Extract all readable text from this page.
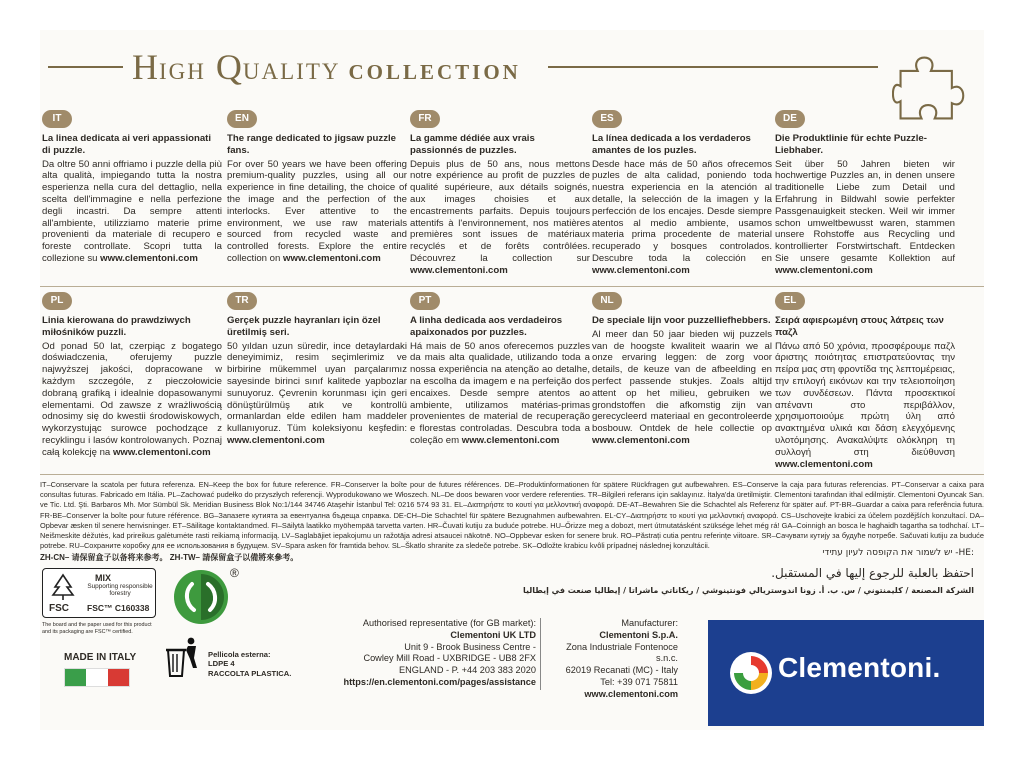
HIGH QUALITY COLLECTION
IT
La linea dedicata ai veri appassionati di puzzle.
Da oltre 50 anni offriamo i puzzle della più alta qualità, impiegando tutta la nostra esperienza nella cura del dettaglio, nella scelta dell'immagine e nella perfezione degli incastri. Da sempre attenti all'ambiente, utilizziamo materie prime provenienti da materiale di recupero e foreste controllate. Scopri tutta la collezione su www.clementoni.com
EN
The range dedicated to jigsaw puzzle fans.
For over 50 years we have been offering premium-quality puzzles, using all our experience in fine detailing, the choice of the image and the perfection of the interlocks. Ever attentive to the environment, we use raw materials sourced from recycled waste and controlled forests. Explore the entire collection on www.clementoni.com
FR
La gamme dédiée aux vrais passionnés de puzzles.
Depuis plus de 50 ans, nous mettons notre expérience au profit de puzzles de qualité supérieure, aux détails soignés, aux images choisies et aux encastrements parfaits. Depuis toujours attentifs à l'environnement, nos matières premières sont issues de matériaux recyclés et de forêts contrôlées. Découvrez la collection sur www.clementoni.com
ES
La línea dedicada a los verdaderos amantes de los puzles.
Desde hace más de 50 años ofrecemos puzles de alta calidad, poniendo toda nuestra experiencia en la atención al detalle, la selección de la imagen y la perfección de los encajes. Desde siempre atentos al medio ambiente, usamos materia prima procedente de material recuperado y bosques controlados. Descubre toda la colección en www.clementoni.com
DE
Die Produktlinie für echte Puzzle-Liebhaber.
Seit über 50 Jahren bieten wir hochwertige Puzzles an, in denen unsere traditionelle Liebe zum Detail und Erfahrung in Bildwahl sowie perfekter Passgenauigkeit stecken. Weil wir immer schon umweltbewusst waren, stammen unsere Rohstoffe aus Recycling und kontrollierter Forstwirtschaft. Entdecken Sie unsere gesamte Kollektion auf www.clementoni.com
PL
Linia kierowana do prawdziwych miłośników puzzli.
Od ponad 50 lat, czerpiąc z bogatego doświadczenia, oferujemy puzzle najwyższej jakości, dopracowane w każdym szczególe, z pieczołowicie dobraną grafiką i idealnie dopasowanymi elementami. Od zawsze z wrażliwością odnosimy się do kwestii środowiskowych, wykorzystując surowce pochodzące z recyklingu i lasów kontrolowanych. Poznaj całą kolekcję na www.clementoni.com
TR
Gerçek puzzle hayranları için özel üretilmiş seri.
50 yıldan uzun süredir, ince detaylardaki deneyimimiz, resim seçimlerimiz ve birbirine mükemmel uyan parçalarımız sayesinde birinci sınıf kalitede yapbozlar sunuyoruz. Çevrenin korunması için geri dönüştürülmüş atık ve kontrollü ormanlardan elde edilen ham maddeler kullanıyoruz. Tüm koleksiyonu keşfedin: www.clementoni.com
PT
A linha dedicada aos verdadeiros apaixonados por puzzles.
Há mais de 50 anos oferecemos puzzles da mais alta qualidade, utilizando toda a nossa experiência na atenção ao detalhe, na escolha da imagem e na perfeição dos encaixes. Desde sempre atentos ao ambiente, utilizamos matérias-primas provenientes de material de recuperação e florestas controladas. Descubra toda a coleção em www.clementoni.com
NL
De speciale lijn voor puzzelliefhebbers.
Al meer dan 50 jaar bieden wij puzzels van de hoogste kwaliteit waarin we al onze ervaring leggen: de zorg voor details, de keuze van de afbeelding en perfect passende stukjes. Zoals altijd attent op het milieu, gebruiken we grondstoffen die afkomstig zijn van gerecycleerd materiaal en gecontroleerde bosbouw. Ontdek de hele collectie op www.clementoni.com
EL
Σειρά αφιερωμένη στους λάτρεις των παζλ
Πάνω από 50 χρόνια, προσφέρουμε παζλ άριστης ποιότητας επιστρατεύοντας την πείρα μας στη φροντίδα της λεπτομέρειας, την επιλογή εικόνων και την τελειοποίηση των συνδέσεων. Πάντα προσεκτικοί απέναντι στο περιβάλλον, χρησιμοποιούμε πρώτη ύλη από ανακτημένα υλικά και δάση ελεγχόμενης υλοτόμησης. Ανακαλύψτε ολόκληρη τη συλλογή στη διεύθυνση www.clementoni.com
IT–Conservare la scatola per futura referenza. EN–Keep the box for future reference. FR–Conserver la boîte pour de futures références. DE–Produktinformationen für spätere Rückfragen gut aufbewahren. ES–Conserve la caja para futuras referencias. PT–Conservar a caixa para consultas futuras. Fabricado em Itália. PL–Zachować pudełko do przyszłych referencji. Wyprodukowano we Włoszech. NL–De doos bewaren voor verdere referenties. TR–Bilgileri referans için saklayınız. İtalya'da üretilmiştir. Clementoni tarafından ithal edilmiştir. Clementoni Oyuncak San. ve Tic. Ltd. Şti. Barbaros Mh. Mor Sümbül Sk. Meridian Business Blok No:1/144 34746 Ataşehir İstanbul Tel: 0216 574 93 31. EL–Διατηρήστε το κουτί για μελλοντική αναφορά. DE-AT–Bewahren Sie die Schachtel als Referenz für später auf. PT-BR–Guardar a caixa para referência futura. FR-BE–Conserver la boîte pour future référence. BG–Запазете кутията за евентуална бъдеща справка. DE-CH–Die Schachtel für spätere Bezugnahmen aufbewahren. EL-CY–Διατηρήστε το κουτί για μελλοντική αναφορά. CS–Uschovejte krabici za účelem pozdějších konzultací. DA–Opbevar æsken til senere henvisninger. ET–Säilitage kontaktandmed. FI–Säilytä laatikko myöhempää tarvetta varten. HR–Čuvati kutiju za buduće potrebe. HU–Őrizze meg a dobozt, mert útmutatásként szüksége lehet még rá! GA–Coinnigh an bosca le haghaidh tagartha sa todhchaí. LT–Neišmeskite dėžutės, kad prireikus galėtumėte rasti reikiamą informaciją. LV–Saglabājiet iepakojumu un ražotāja adresi atsaucei nākotnē. NO–Oppbevar esken for senere bruk. RO–Păstrați cutia pentru referințe viitoare. SR–Сачувати кутију за будуће потребе. Sačuvati kutiju za buduće potrebe. RU–Сохраните коробку для ее использования в будущем. SV–Spara asken för framtida behov. SL–Škatlo shranite za sledeče potrebe. SK–Odložte krabicu kvôli prípadnej následnej konzultácii.
ZH-CN– 请保留盒子以备将来参考。 ZH-TW– 請保留盒子以備將來參考。	:HE- יש לשמור את הקופסה לעיון עתידי
احتفظ بالعلبة للرجوع إليها في المستقبل.
الشركة المصنعة / كليمنتوني / س. ب. أ. زونا اندوستريالي فونتينوشي / ريكاناتي ماشراتا / إيطاليا صنعت في إيطاليا
FSC
MIX
Supporting responsible forestry
FSC™ C160338
The board and the paper used for this product and its packaging are FSC™ certified.
®
MADE IN ITALY	Pellicola esterna:
LDPE 4
RACCOLTA PLASTICA.
Authorised representative (for GB market):
Clementoni UK LTD
Unit 9 - Brook Business Centre -
Cowley Mill Road - UXBRIDGE - UB8 2FX
ENGLAND - P. +44 203 383 2020
https://en.clementoni.com/pages/assistance
Manufacturer:
Clementoni S.p.A.
Zona Industriale Fontenoce s.n.c.
62019 Recanati (MC) - Italy
Tel: +39 071 75811
www.clementoni.com
Clementoni.
